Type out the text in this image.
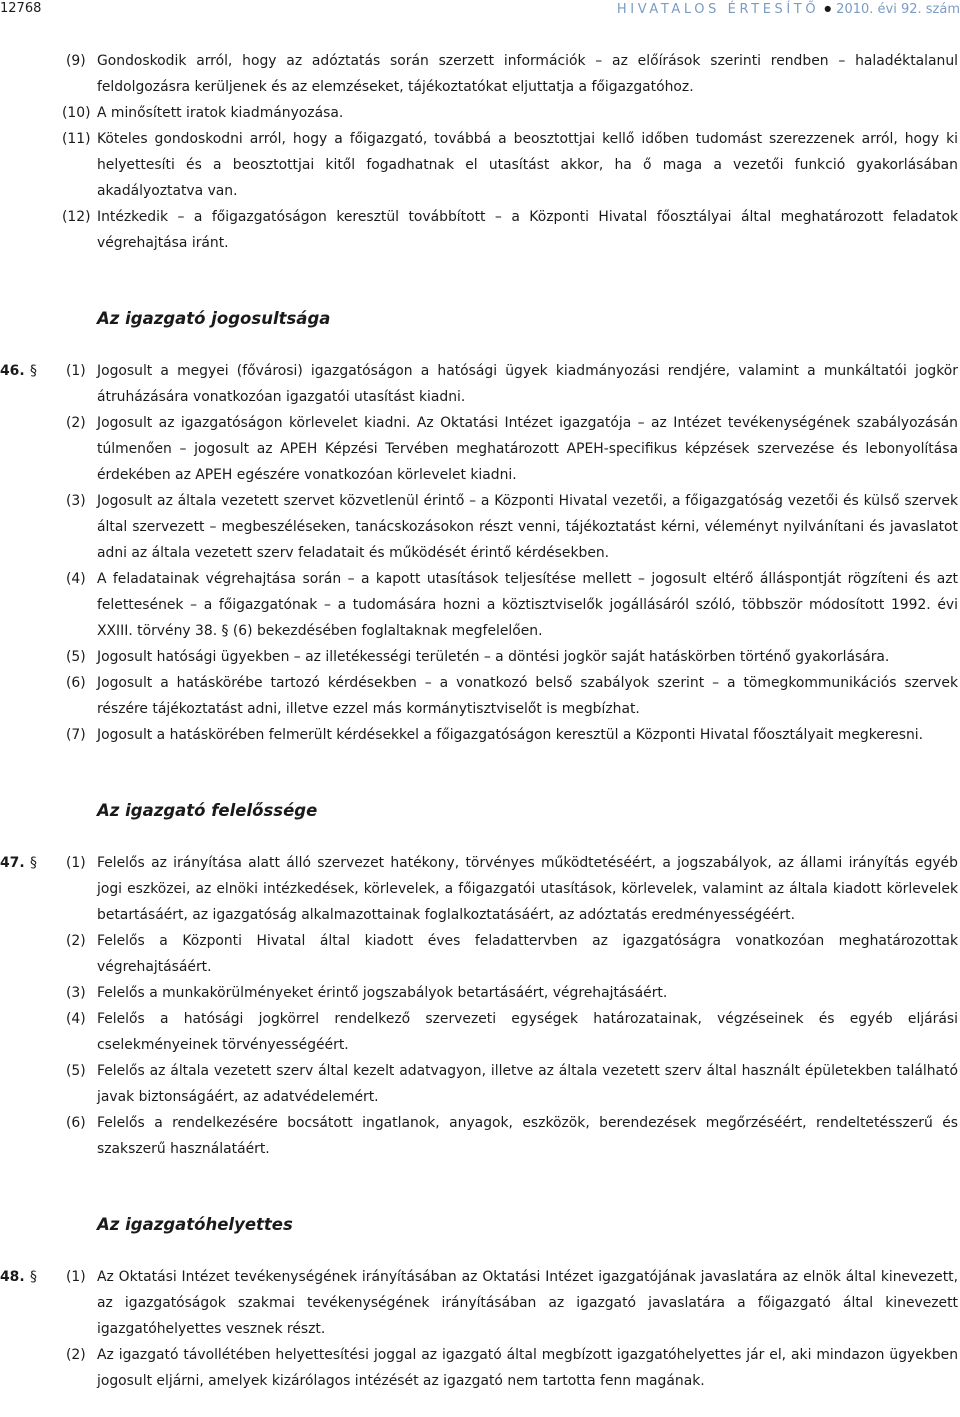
12768	HIVATALOS ÉRTESÍTŐ ● 2010. évi 92. szám
(9) Gondoskodik arról, hogy az adóztatás során szerzett információk – az előírások szerinti rendben – haladéktalanul feldolgozásra kerüljenek és az elemzéseket, tájékoztatókat eljuttatja a főigazgatóhoz.
(10) A minősített iratok kiadmányozása.
(11) Köteles gondoskodni arról, hogy a főigazgató, továbbá a beosztottjai kellő időben tudomást szerezzenek arról, hogy ki helyettesíti és a beosztottjai kitől fogadhatnak el utasítást akkor, ha ő maga a vezetői funkció gyakorlásában akadályoztatva van.
(12) Intézkedik – a főigazgatóságon keresztül továbbított – a Központi Hivatal főosztályai által meghatározott feladatok végrehajtása iránt.
Az igazgató jogosultsága
46. § (1) Jogosult a megyei (fővárosi) igazgatóságon a hatósági ügyek kiadmányozási rendjére, valamint a munkáltatói jogkör átruházására vonatkozóan igazgatói utasítást kiadni.
(2) Jogosult az igazgatóságon körlevelet kiadni. Az Oktatási Intézet igazgatója – az Intézet tevékenységének szabályozásán túlmenően – jogosult az APEH Képzési Tervében meghatározott APEH-specifikus képzések szervezése és lebonyolítása érdekében az APEH egészére vonatkozóan körlevelet kiadni.
(3) Jogosult az általa vezetett szervet közvetlenül érintő – a Központi Hivatal vezetői, a főigazgatóság vezetői és külső szervek által szervezett – megbeszéléseken, tanácskozásokon részt venni, tájékoztatást kérni, véleményt nyilvánítani és javaslatot adni az általa vezetett szerv feladatait és működését érintő kérdésekben.
(4) A feladatainak végrehajtása során – a kapott utasítások teljesítése mellett – jogosult eltérő álláspontját rögzíteni és azt felettesének – a főigazgatónak – a tudomására hozni a köztisztviselők jogállásáról szóló, többször módosított 1992. évi XXIII. törvény 38. § (6) bekezdésében foglaltaknak megfelelően.
(5) Jogosult hatósági ügyekben – az illetékességi területén – a döntési jogkör saját hatáskörben történő gyakorlására.
(6) Jogosult a hatáskörébe tartozó kérdésekben – a vonatkozó belső szabályok szerint – a tömegkommunikációs szervek részére tájékoztatást adni, illetve ezzel más kormánytisztviselőt is megbízhat.
(7) Jogosult a hatáskörében felmerült kérdésekkel a főigazgatóságon keresztül a Központi Hivatal főosztályait megkeresni.
Az igazgató felelőssége
47. § (1) Felelős az irányítása alatt álló szervezet hatékony, törvényes működtetéséért, a jogszabályok, az állami irányítás egyéb jogi eszközei, az elnöki intézkedések, körlevelek, a főigazgatói utasítások, körlevelek, valamint az általa kiadott körlevelek betartásáért, az igazgatóság alkalmazottainak foglalkoztatásáért, az adóztatás eredményességéért.
(2) Felelős a Központi Hivatal által kiadott éves feladattervben az igazgatóságra vonatkozóan meghatározottak végrehajtásáért.
(3) Felelős a munkakörülményeket érintő jogszabályok betartásáért, végrehajtásáért.
(4) Felelős a hatósági jogkörrel rendelkező szervezeti egységek határozatainak, végzéseinek és egyéb eljárási cselekményeinek törvényességéért.
(5) Felelős az általa vezetett szerv által kezelt adatvagyon, illetve az általa vezetett szerv által használt épületekben található javak biztonságáért, az adatvédelemért.
(6) Felelős a rendelkezésére bocsátott ingatlanok, anyagok, eszközök, berendezések megőrzéséért, rendeltetésszerű és szakszerű használatáért.
Az igazgatóhelyettes
48. § (1) Az Oktatási Intézet tevékenységének irányításában az Oktatási Intézet igazgatójának javaslatára az elnök által kinevezett, az igazgatóságok szakmai tevékenységének irányításában az igazgató javaslatára a főigazgató által kinevezett igazgatóhelyettes vesznek részt.
(2) Az igazgató távollétében helyettesítési joggal az igazgató által megbízott igazgatóhelyettes jár el, aki mindazon ügyekben jogosult eljárni, amelyek kizárólagos intézését az igazgató nem tartotta fenn magának.
